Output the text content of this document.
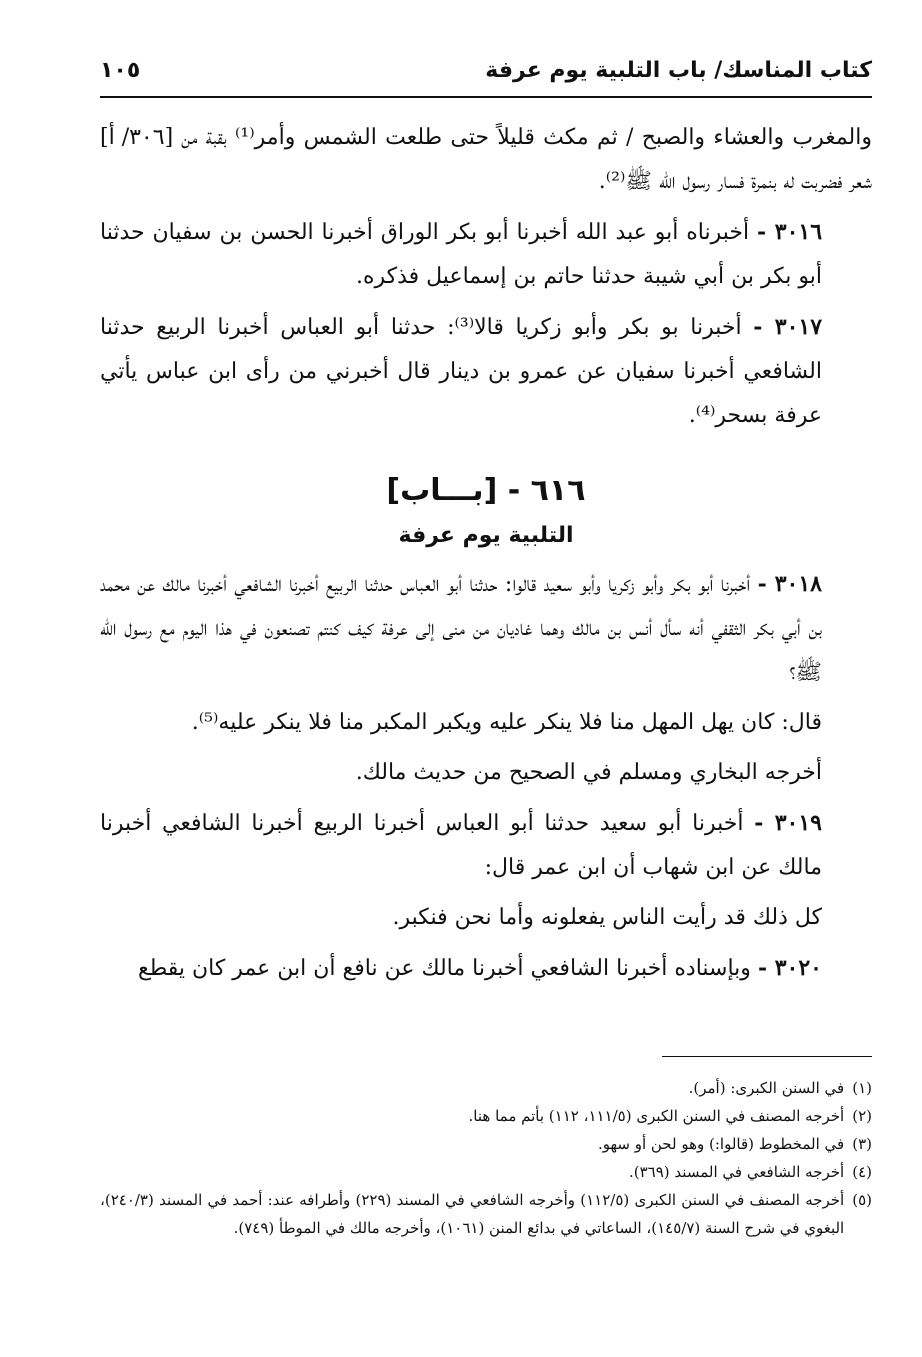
كتاب المناسك/ باب التلبية يوم عرفة
١٠٥

[٣٠٦/ أ] والمغرب والعشاء والصبح / ثم مكث قليلاً حتى طلعت الشمس وأمر⁽¹⁾ بقبة من شعر فضربت له بنمرة فسار رسول الله ﷺ⁽²⁾.

٣٠١٦ - أخبرناه أبو عبد الله أخبرنا أبو بكر الوراق أخبرنا الحسن بن سفيان حدثنا أبو بكر بن أبي شيبة حدثنا حاتم بن إسماعيل فذكره.

٣٠١٧ - أخبرنا بو بكر وأبو زكريا قالا⁽³⁾: حدثنا أبو العباس أخبرنا الربيع حدثنا الشافعي أخبرنا سفيان عن عمرو بن دينار قال أخبرني من رأى ابن عباس يأتي عرفة بسحر⁽⁴⁾.

٦١٦ - [بـــاب]

التلبية يوم عرفة

٣٠١٨ - أخبرنا أبو بكر وأبو زكريا وأبو سعيد قالوا: حدثنا أبو العباس حدثنا الربيع أخبرنا الشافعي أخبرنا مالك عن محمد بن أبي بكر الثقفي أنه سأل أنس بن مالك وهما غاديان من منى إلى عرفة كيف كنتم تصنعون في هذا اليوم مع رسول الله ﷺ؟

قال: كان يهل المهل منا فلا ينكر عليه ويكبر المكبر منا فلا ينكر عليه⁽⁵⁾.

أخرجه البخاري ومسلم في الصحيح من حديث مالك.

٣٠١٩ - أخبرنا أبو سعيد حدثنا أبو العباس أخبرنا الربيع أخبرنا الشافعي أخبرنا مالك عن ابن شهاب أن ابن عمر قال:

كل ذلك قد رأيت الناس يفعلونه وأما نحن فنكبر.

٣٠٢٠ - وبإسناده أخبرنا الشافعي أخبرنا مالك عن نافع أن ابن عمر كان يقطع

(١)
في السنن الكبرى: (أمر).
(٢)
أخرجه المصنف في السنن الكبرى (١١١/٥، ١١٢) بأتم مما هنا.
(٣)
في المخطوط (قالوا:) وهو لحن أو سهو.
(٤)
أخرجه الشافعي في المسند (٣٦٩).
(٥)
أخرجه المصنف في السنن الكبرى (١١٢/٥) وأخرجه الشافعي في المسند (٢٢٩) وأطرافه عند: أحمد في المسند (٢٤٠/٣)، البغوي في شرح السنة (١٤٥/٧)، الساعاتي في بدائع المنن (١٠٦١)، وأخرجه مالك في الموطأ (٧٤٩).
